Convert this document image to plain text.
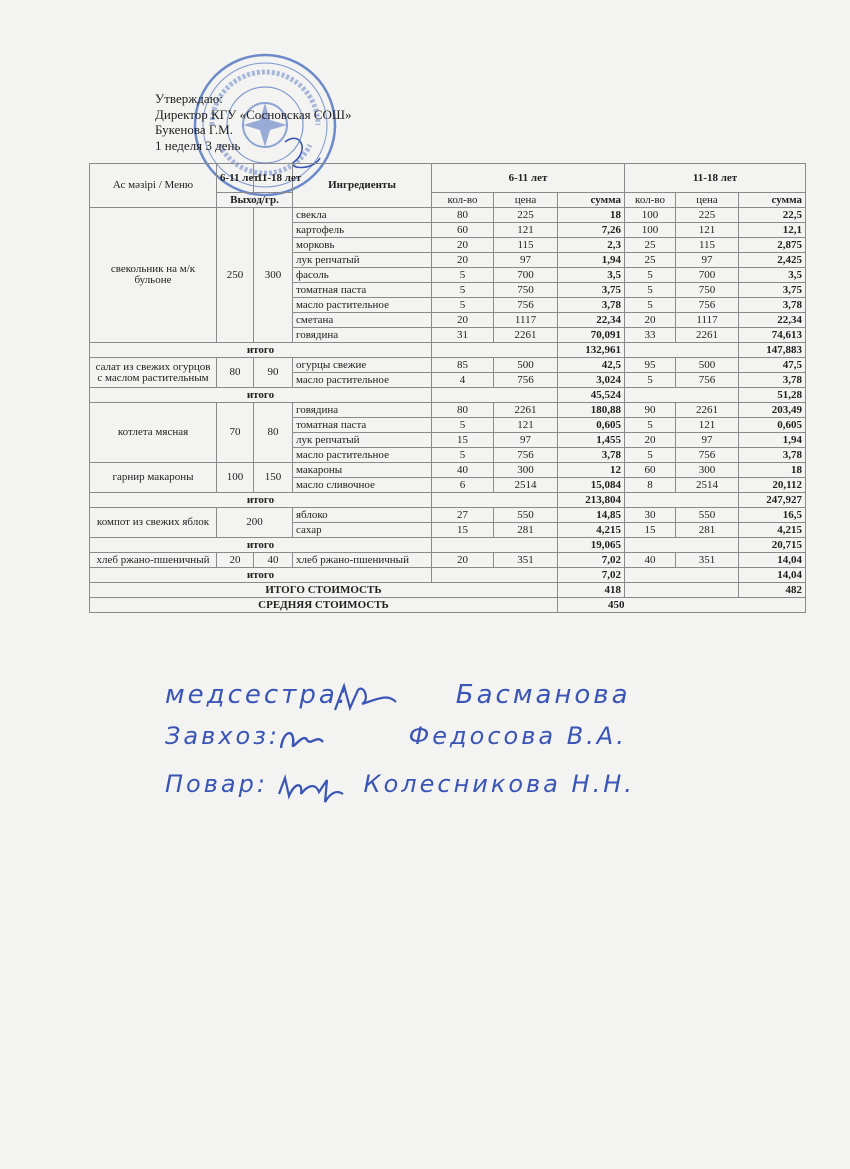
Утверждаю:
Директор КГУ «Сосновская СОШ»
Букенова Г.М.
1 неделя 3 день
Ас мәзірі / Меню	6-11 лет	11-18 лет	Ингредиенты	6-11 лет			11-18 лет		
	Выход/гр.			кол-во	цена	сумма	кол-во	цена	сумма
свекольник на м/к бульоне	250	300	свекла	80	225	18	100	225	22,5
			картофель	60	121	7,26	100	121	12,1
			морковь	20	115	2,3	25	115	2,875
			лук репчатый	20	97	1,94	25	97	2,425
			фасоль	5	700	3,5	5	700	3,5
			томатная паста	5	750	3,75	5	750	3,75
			масло растительное	5	756	3,78	5	756	3,78
			сметана	20	1117	22,34	20	1117	22,34
			говядина	31	2261	70,091	33	2261	74,613
итого						132,961			147,883
салат из свежих огурцов с маслом растительным	80	90	огурцы свежие	85	500	42,5	95	500	47,5
			масло растительное	4	756	3,024	5	756	3,78
итого						45,524			51,28
котлета мясная	70	80	говядина	80	2261	180,88	90	2261	203,49
			томатная паста	5	121	0,605	5	121	0,605
			лук репчатый	15	97	1,455	20	97	1,94
			масло растительное	5	756	3,78	5	756	3,78
гарнир макароны	100	150	макароны	40	300	12	60	300	18
			масло сливочное	6	2514	15,084	8	2514	20,112
итого						213,804			247,927
компот из свежих яблок	200		яблоко	27	550	14,85	30	550	16,5
			сахар	15	281	4,215	15	281	4,215
итого						19,065			20,715
хлеб ржано-пшеничный	20	40	хлеб ржано-пшеничный	20	351	7,02	40	351	14,04
итого						7,02			14,04
ИТОГО СТОИМОСТЬ						418			482
СРЕДНЯЯ СТОИМОСТЬ						450			
медсестра:	Басманова
Завхоз:	Федосова В.А.
Повар:	Колесникова Н.Н.
